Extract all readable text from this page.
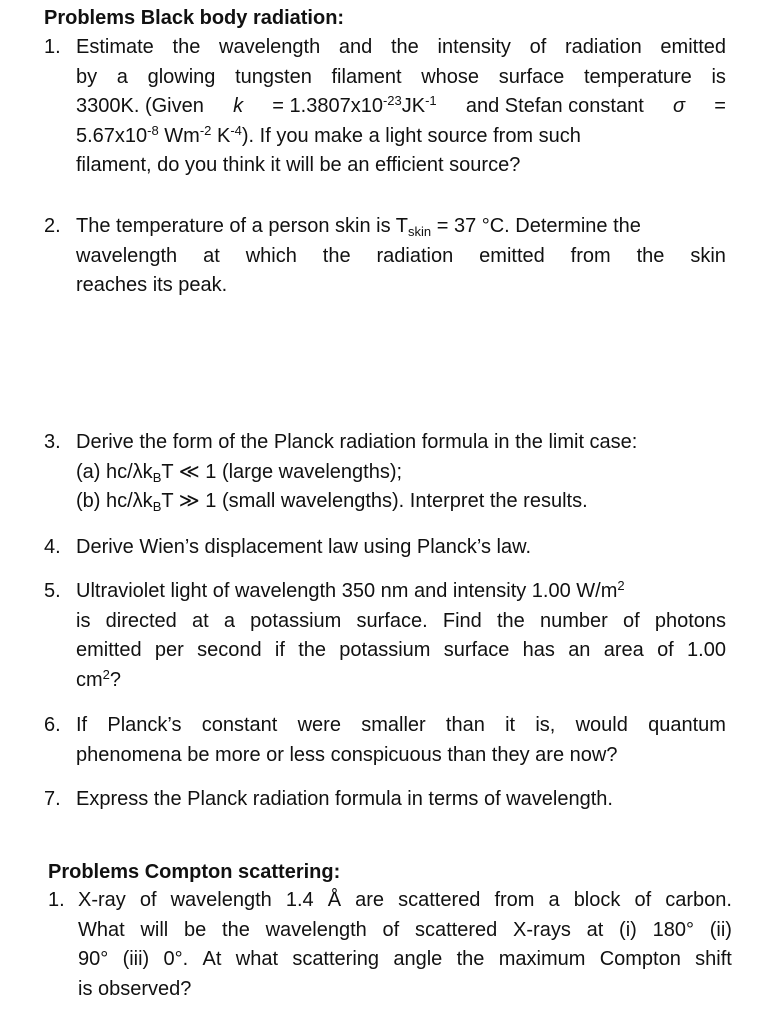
Problems Black body radiation:
1. Estimate the wavelength and the intensity of radiation emitted
by a glowing tungsten filament whose surface temperature is
3300K. (Given $k = 1.3807x10^{-23}JK^{-1}$ and Stefan constant σ =
$5.67x10^{-8}$ $Wm^{-2}$ $K^{-4}$). If you make a light source from such
filament, do you think it will be an efficient source?
2. The temperature of a person skin is $T_{skin} = 37$ °C. Determine the
wavelength at which the radiation emitted from the skin
reaches its peak.
3. Derive the form of the Planck radiation formula in the limit case:
(a) $hc/\lambda k_BT$ ≪ 1 (large wavelengths);
(b) $hc/\lambda k_BT$ ≫ 1 (small wavelengths). Interpret the results.
4. Derive Wien’s displacement law using Planck’s law.
5. Ultraviolet light of wavelength 350 nm and intensity 1.00 $W/m^2$
is directed at a potassium surface. Find the number of photons
emitted per second if the potassium surface has an area of 1.00
$cm^2$?
6. If Planck’s constant were smaller than it is, would quantum
phenomena be more or less conspicuous than they are now?
7. Express the Planck radiation formula in terms of wavelength.
Problems Compton scattering:
1. X-ray of wavelength 1.4 Å are scattered from a block of carbon.
What will be the wavelength of scattered X-rays at (i) 180° (ii)
90° (iii) 0°. At what scattering angle the maximum Compton shift
is observed?
